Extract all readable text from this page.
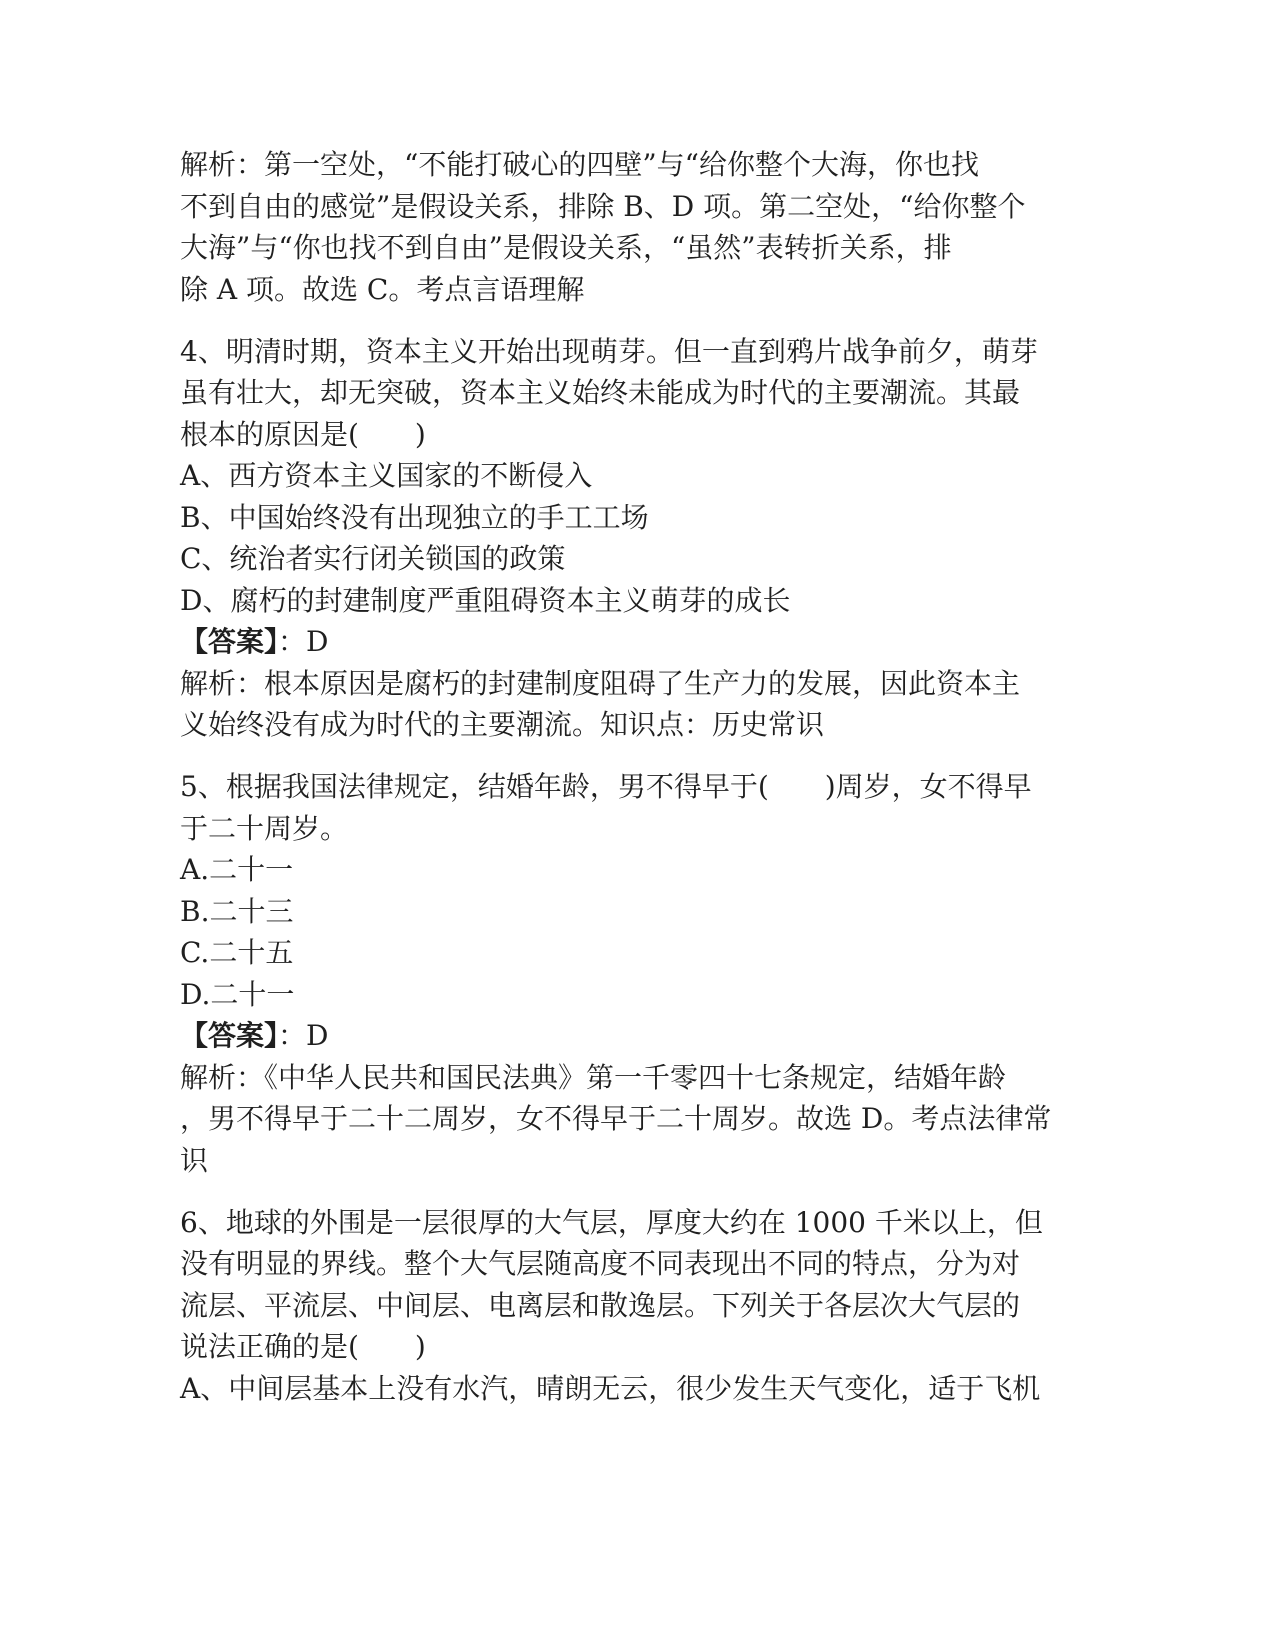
解析：第一空处，“不能打破心的四壁”与“给你整个大海，你也找
不到自由的感觉”是假设关系，排除 B、D 项。第二空处，“给你整个
大海”与“你也找不到自由”是假设关系，“虽然”表转折关系，排
除 A 项。故选 C。考点言语理解
4、明清时期，资本主义开始出现萌芽。但一直到鸦片战争前夕，萌芽
虽有壮大，却无突破，资本主义始终未能成为时代的主要潮流。其最
根本的原因是(　　)
A、西方资本主义国家的不断侵入
B、中国始终没有出现独立的手工工场
C、统治者实行闭关锁国的政策
D、腐朽的封建制度严重阻碍资本主义萌芽的成长
【答案】：D
解析：根本原因是腐朽的封建制度阻碍了生产力的发展，因此资本主
义始终没有成为时代的主要潮流。知识点：历史常识
5、根据我国法律规定，结婚年龄，男不得早于(　　)周岁，女不得早
于二十周岁。
A.二十一
B.二十三
C.二十五
D.二十一
【答案】：D
解析：《中华人民共和国民法典》第一千零四十七条规定，结婚年龄
，男不得早于二十二周岁，女不得早于二十周岁。故选 D。考点法律常
识
6、地球的外围是一层很厚的大气层，厚度大约在 1000 千米以上，但
没有明显的界线。整个大气层随高度不同表现出不同的特点，分为对
流层、平流层、中间层、电离层和散逸层。下列关于各层次大气层的
说法正确的是(　　)
A、中间层基本上没有水汽，晴朗无云，很少发生天气变化，适于飞机
